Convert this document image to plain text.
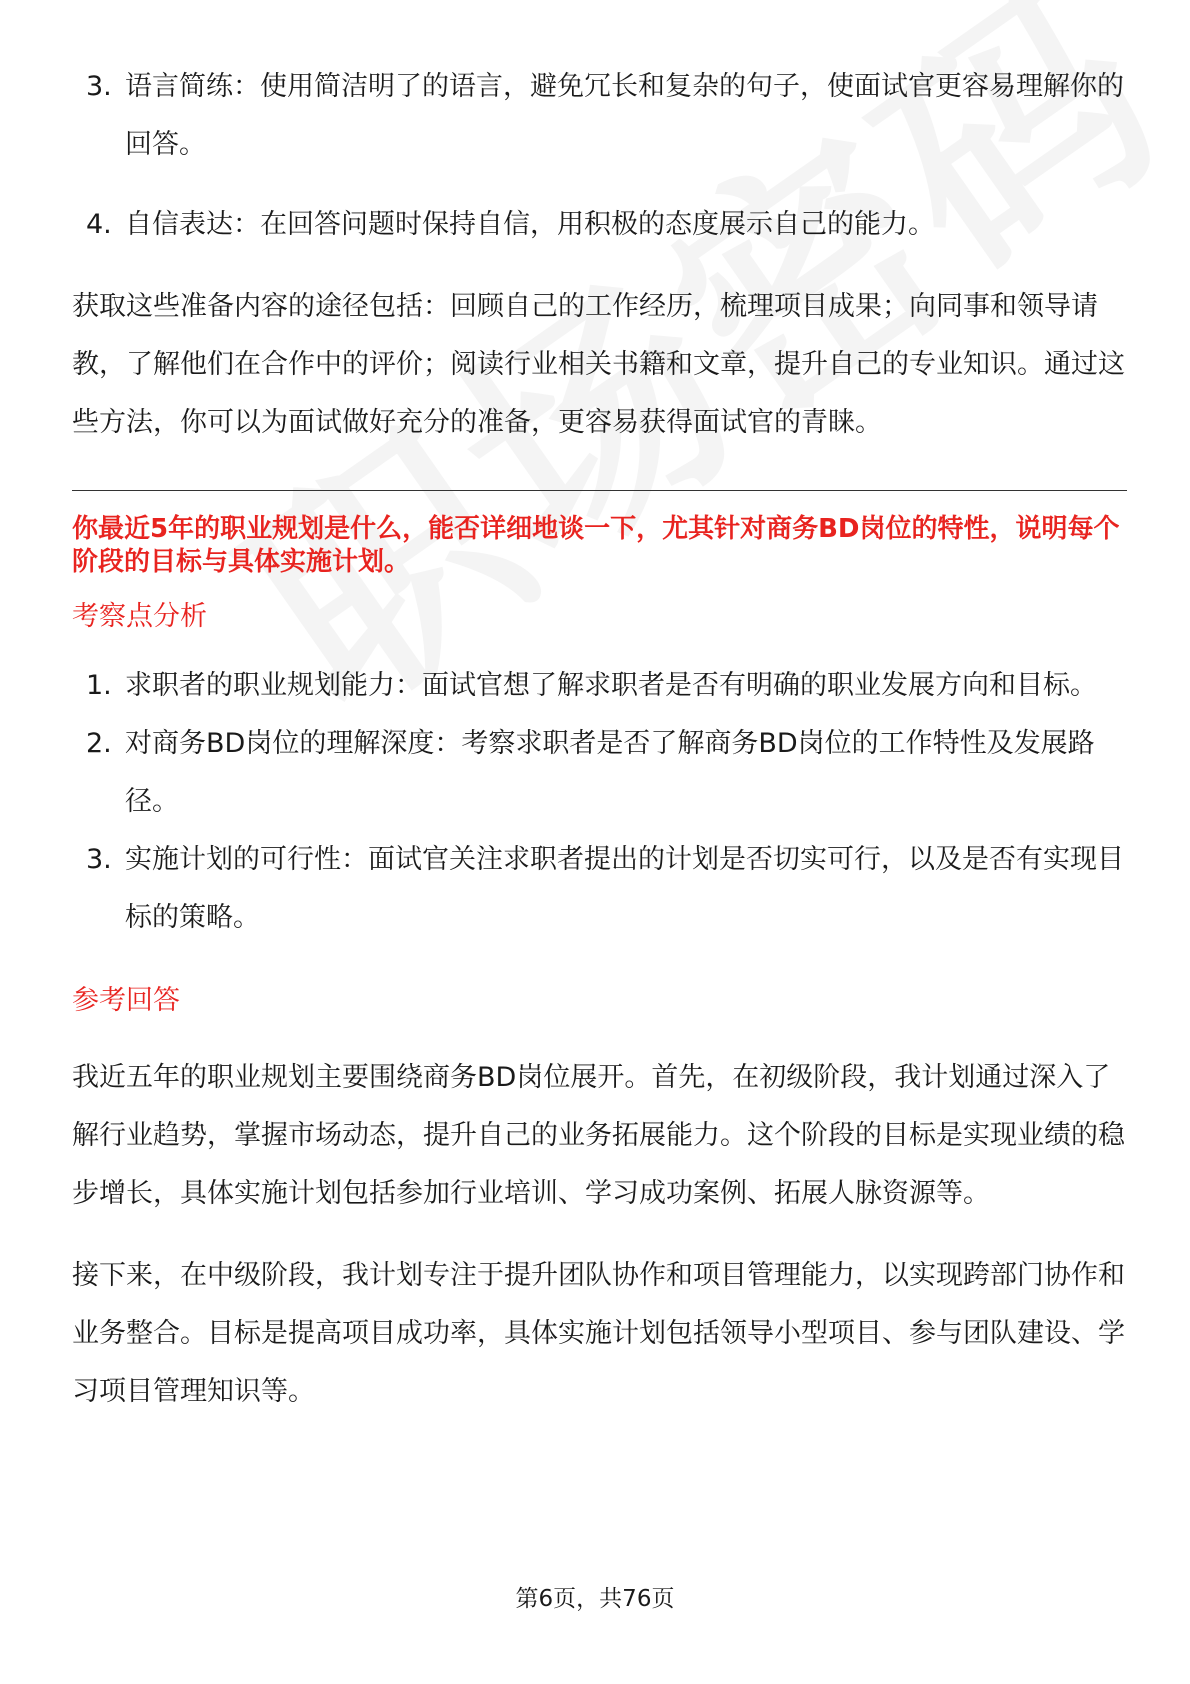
3. 语言简练：使用简洁明了的语言，避免冗长和复杂的句子，使面试官更容易理解你的回答。
4. 自信表达：在回答问题时保持自信，用积极的态度展示自己的能力。

获取这些准备内容的途径包括：回顾自己的工作经历，梳理项目成果；向同事和领导请教，了解他们在合作中的评价；阅读行业相关书籍和文章，提升自己的专业知识。通过这些方法，你可以为面试做好充分的准备，更容易获得面试官的青睐。

你最近5年的职业规划是什么，能否详细地谈一下，尤其针对商务BD岗位的特性，说明每个阶段的目标与具体实施计划。

考察点分析

1. 求职者的职业规划能力：面试官想了解求职者是否有明确的职业发展方向和目标。
2. 对商务BD岗位的理解深度：考察求职者是否了解商务BD岗位的工作特性及发展路径。
3. 实施计划的可行性：面试官关注求职者提出的计划是否切实可行，以及是否有实现目标的策略。

参考回答

我近五年的职业规划主要围绕商务BD岗位展开。首先，在初级阶段，我计划通过深入了解行业趋势，掌握市场动态，提升自己的业务拓展能力。这个阶段的目标是实现业绩的稳步增长，具体实施计划包括参加行业培训、学习成功案例、拓展人脉资源等。

接下来，在中级阶段，我计划专注于提升团队协作和项目管理能力，以实现跨部门协作和业务整合。目标是提高项目成功率，具体实施计划包括领导小型项目、参与团队建设、学习项目管理知识等。

第6页，共76页
